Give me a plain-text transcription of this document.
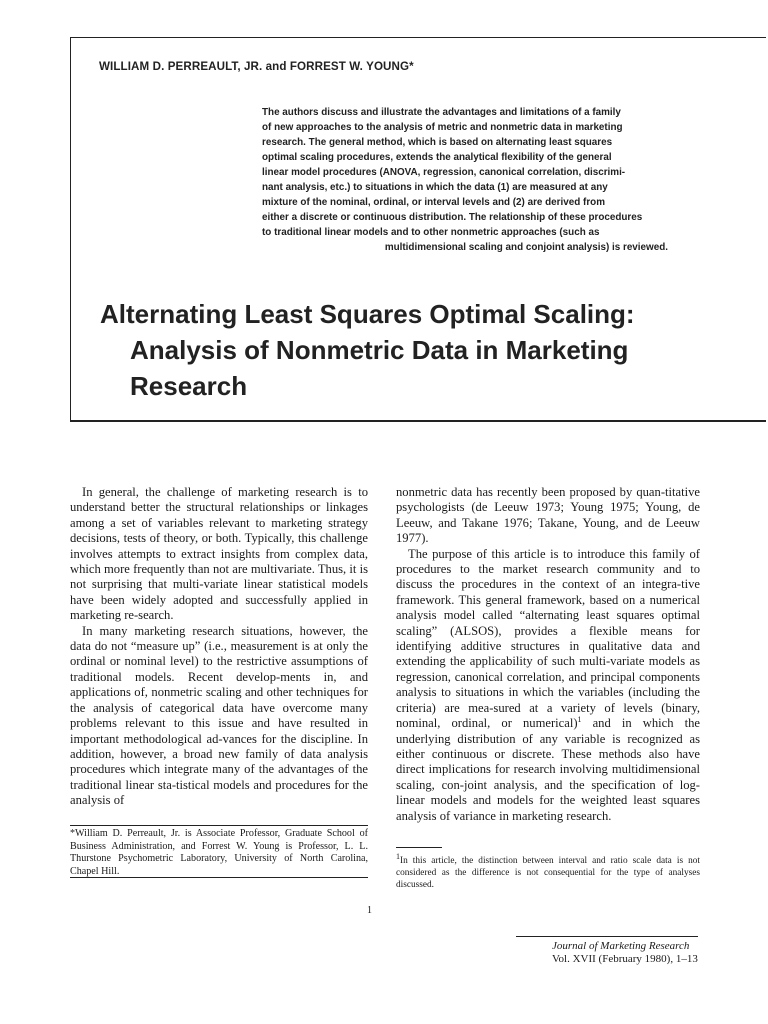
WILLIAM D. PERREAULT, JR. and FORREST W. YOUNG*
The authors discuss and illustrate the advantages and limitations of a family
of new approaches to the analysis of metric and nonmetric data in marketing
research. The general method, which is based on alternating least squares
optimal scaling procedures, extends the analytical flexibility of the general
linear model procedures (ANOVA, regression, canonical correlation, discrimi-
nant analysis, etc.) to situations in which the data (1) are measured at any
mixture of the nominal, ordinal, or interval levels and (2) are derived from
either a discrete or continuous distribution. The relationship of these procedures
to traditional linear models and to other nonmetric approaches (such as
multidimensional scaling and conjoint analysis) is reviewed.
Alternating Least Squares Optimal Scaling:
Analysis of Nonmetric Data in Marketing
Research

In general, the challenge of marketing research is to understand better the structural relationships or linkages among a set of variables relevant to marketing strategy decisions, tests of theory, or both. Typically, this challenge involves attempts to extract insights from complex data, which more frequently than not are multivariate. Thus, it is not surprising that multi-variate linear statistical models have been widely adopted and successfully applied in marketing re-search.

In many marketing research situations, however, the data do not “measure up” (i.e., measurement is at only the ordinal or nominal level) to the restrictive assumptions of traditional models. Recent develop-ments in, and applications of, nonmetric scaling and other techniques for the analysis of categorical data have overcome many problems relevant to this issue and have resulted in important methodological ad-vances for the discipline. In addition, however, a broad new family of data analysis procedures which integrate many of the advantages of the traditional linear sta-tistical models and procedures for the analysis of

nonmetric data has recently been proposed by quan-titative psychologists (de Leeuw 1973; Young 1975; Young, de Leeuw, and Takane 1976; Takane, Young, and de Leeuw 1977).

The purpose of this article is to introduce this family of procedures to the market research community and to discuss the procedures in the context of an integra-tive framework. This general framework, based on a numerical analysis model called “alternating least squares optimal scaling” (ALSOS), provides a flexible means for identifying additive structures in qualitative data and extending the applicability of such multi-variate models as regression, canonical correlation, and principal components analysis to situations in which the variables (including the criteria) are mea-sured at a variety of levels (binary, nominal, ordinal, or numerical)$^1$ and in which the underlying distribution of any variable is recognized as either continuous or discrete. These methods also have direct implications for research involving multidimensional scaling, con-joint analysis, and the specification of log-linear models and models for the weighted least squares analysis of variance in marketing research.

*William D. Perreault, Jr. is Associate Professor, Graduate School of Business Administration, and Forrest W. Young is Professor, L. L. Thurstone Psychometric Laboratory, University of North Carolina, Chapel Hill.
$^1$In this article, the distinction between interval and ratio scale data is not considered as the difference is not consequential for the type of analyses discussed.
1
Journal of Marketing Research
Vol. XVII (February 1980), 1–13
